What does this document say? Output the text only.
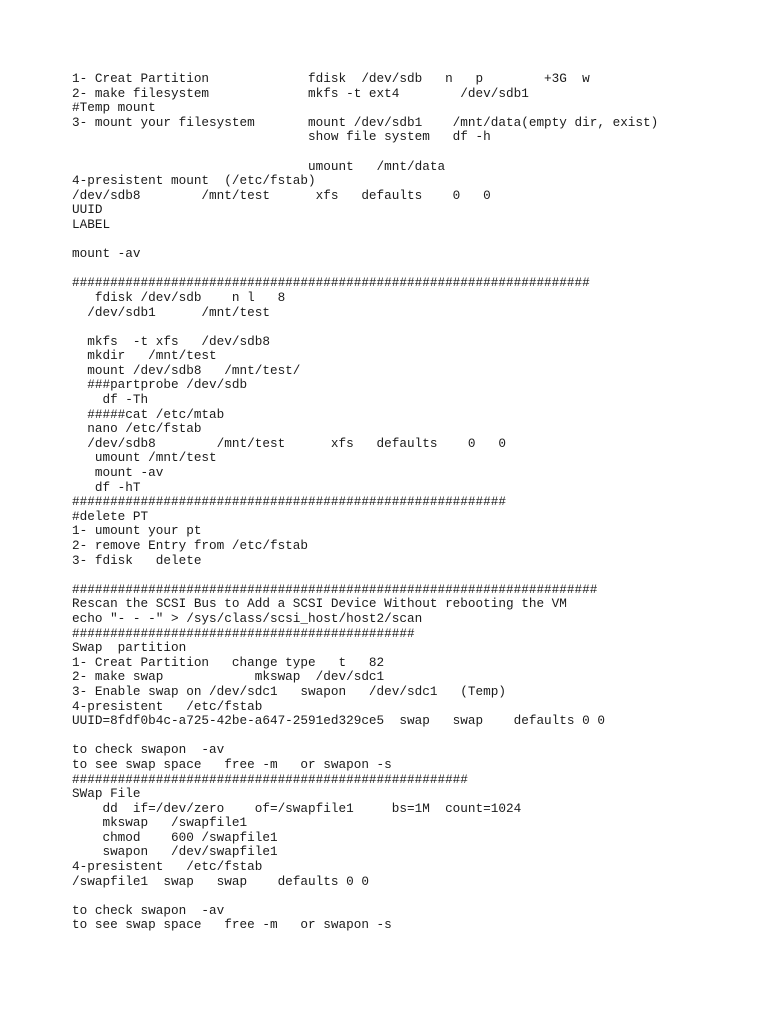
1- Creat Partition             fdisk  /dev/sdb   n   p        +3G  w
2- make filesystem             mkfs -t ext4        /dev/sdb1
#Temp mount
3- mount your filesystem       mount /dev/sdb1    /mnt/data(empty dir, exist)
show file system   df -h
umount   /mnt/data
4-presistent mount  (/etc/fstab)
/dev/sdb8        /mnt/test      xfs   defaults    0   0
UUID
LABEL
mount -av
####################################################################
fdisk /dev/sdb    n l   8
/dev/sdb1      /mnt/test
mkfs  -t xfs   /dev/sdb8
mkdir   /mnt/test
mount /dev/sdb8   /mnt/test/
###partprobe /dev/sdb
df -Th
#####cat /etc/mtab
nano /etc/fstab
/dev/sdb8        /mnt/test      xfs   defaults    0   0
umount /mnt/test
mount -av
df -hT
#########################################################
#delete PT
1- umount your pt
2- remove Entry from /etc/fstab
3- fdisk   delete
#####################################################################
Rescan the SCSI Bus to Add a SCSI Device Without rebooting the VM
echo "- - -" > /sys/class/scsi_host/host2/scan
#############################################
Swap  partition
1- Creat Partition   change type   t   82
2- make swap            mkswap  /dev/sdc1
3- Enable swap on /dev/sdc1   swapon   /dev/sdc1   (Temp)
4-presistent   /etc/fstab
UUID=8fdf0b4c-a725-42be-a647-2591ed329ce5  swap   swap    defaults 0 0
to check swapon  -av
to see swap space   free -m   or swapon -s
####################################################
SWap File
dd  if=/dev/zero    of=/swapfile1     bs=1M  count=1024
mkswap   /swapfile1
chmod    600 /swapfile1
swapon   /dev/swapfile1
4-presistent   /etc/fstab
/swapfile1  swap   swap    defaults 0 0
to check swapon  -av
to see swap space   free -m   or swapon -s
